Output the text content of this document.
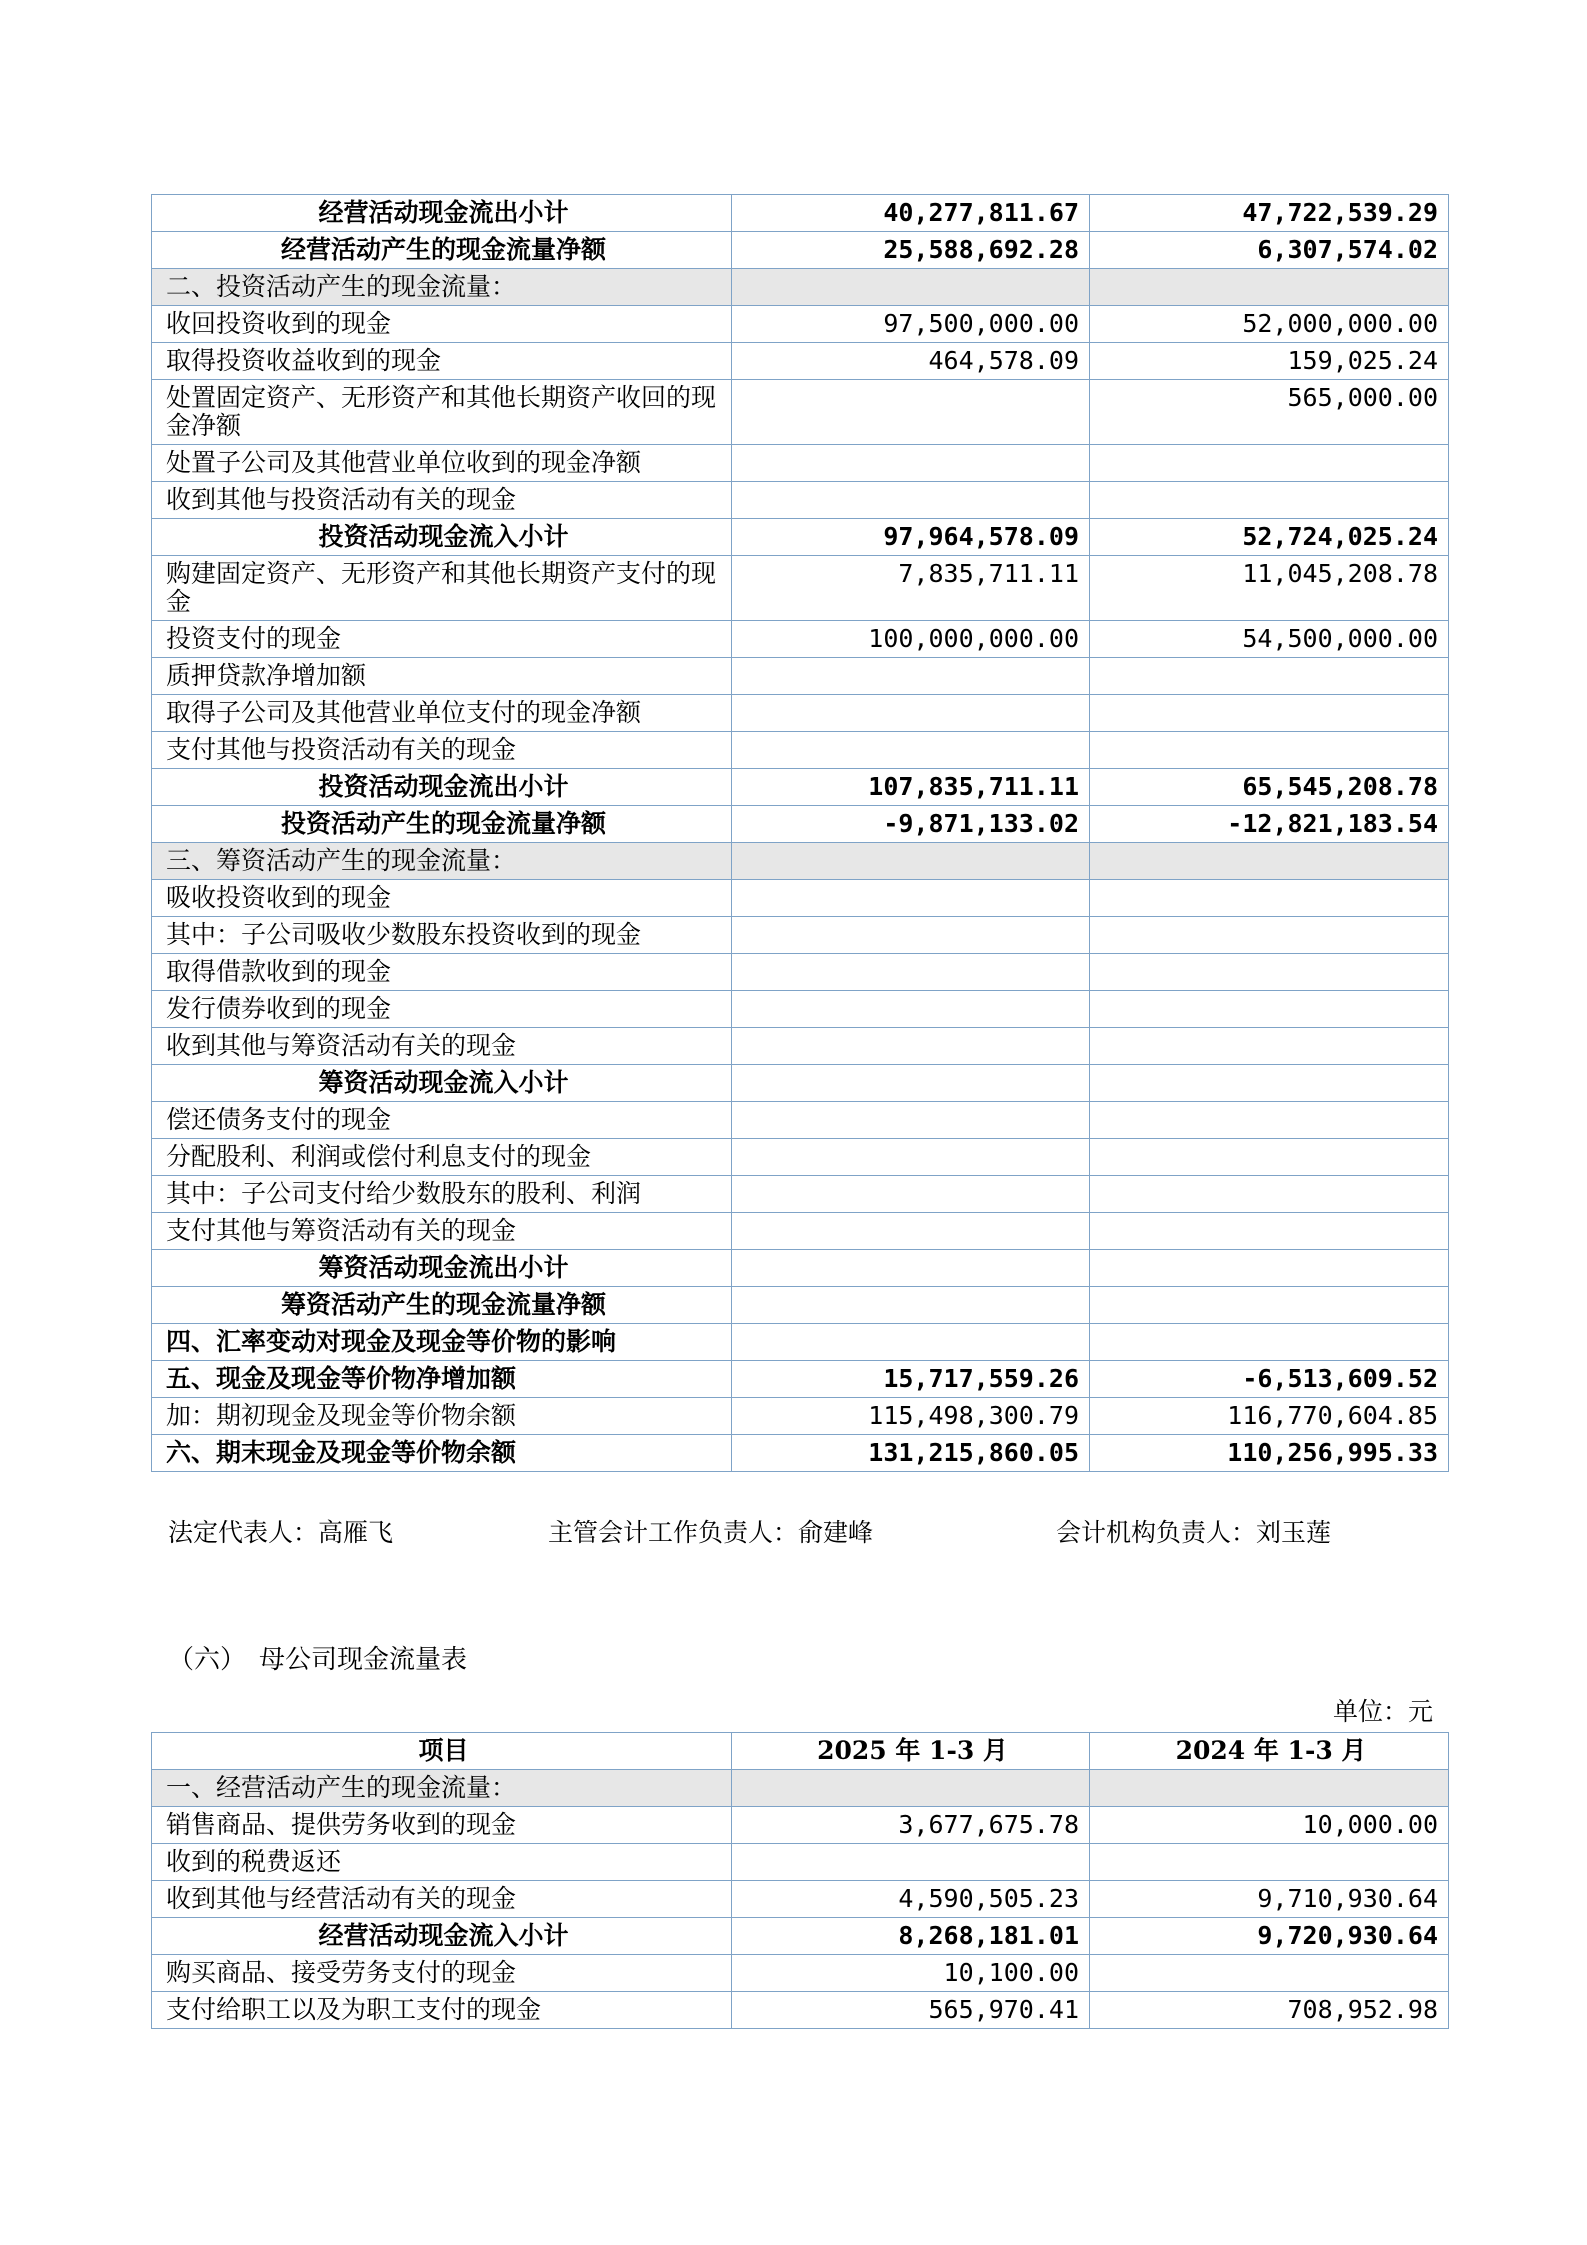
经营活动现金流出小计	40,277,811.67	47,722,539.29
经营活动产生的现金流量净额	25,588,692.28	6,307,574.02
二、投资活动产生的现金流量：		
收回投资收到的现金	97,500,000.00	52,000,000.00
取得投资收益收到的现金	464,578.09	159,025.24
处置固定资产、无形资产和其他长期资产收回的现金净额		565,000.00
处置子公司及其他营业单位收到的现金净额		
收到其他与投资活动有关的现金		
投资活动现金流入小计	97,964,578.09	52,724,025.24
购建固定资产、无形资产和其他长期资产支付的现金	7,835,711.11	11,045,208.78
投资支付的现金	100,000,000.00	54,500,000.00
质押贷款净增加额		
取得子公司及其他营业单位支付的现金净额		
支付其他与投资活动有关的现金		
投资活动现金流出小计	107,835,711.11	65,545,208.78
投资活动产生的现金流量净额	-9,871,133.02	-12,821,183.54
三、筹资活动产生的现金流量：		
吸收投资收到的现金		
其中：子公司吸收少数股东投资收到的现金		
取得借款收到的现金		
发行债券收到的现金		
收到其他与筹资活动有关的现金		
筹资活动现金流入小计		
偿还债务支付的现金		
分配股利、利润或偿付利息支付的现金		
其中：子公司支付给少数股东的股利、利润		
支付其他与筹资活动有关的现金		
筹资活动现金流出小计		
筹资活动产生的现金流量净额		
四、汇率变动对现金及现金等价物的影响		
五、现金及现金等价物净增加额	15,717,559.26	-6,513,609.52
加：期初现金及现金等价物余额	115,498,300.79	116,770,604.85
六、期末现金及现金等价物余额	131,215,860.05	110,256,995.33
法定代表人：高雁飞	主管会计工作负责人：俞建峰	会计机构负责人：刘玉莲
（六）　母公司现金流量表
单位：元
项目	2025 年 1-3 月	2024 年 1-3 月
一、经营活动产生的现金流量：		
销售商品、提供劳务收到的现金	3,677,675.78	10,000.00
收到的税费返还		
收到其他与经营活动有关的现金	4,590,505.23	9,710,930.64
经营活动现金流入小计	8,268,181.01	9,720,930.64
购买商品、接受劳务支付的现金	10,100.00	
支付给职工以及为职工支付的现金	565,970.41	708,952.98
